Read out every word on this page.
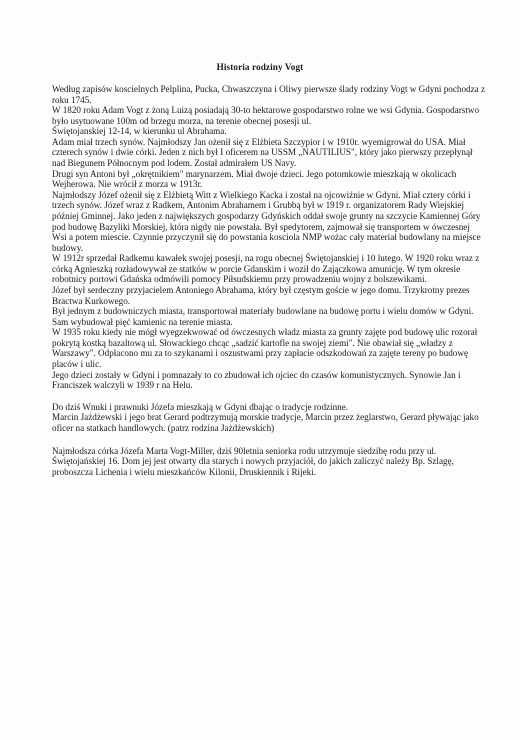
Historia rodziny Vogt

Według zapisów koscielnych Pelplina, Pucka, Chwaszczyna i Oliwy pierwsze ślady rodziny Vogt w Gdyni pochodza z roku 1745.

W 1820 roku Adam Vogt z żoną Luizą posiadają 30-to hektarowe gospodarstwo rolne we wsi Gdynia. Gospodarstwo było usytuowane 100m od brzegu morza, na terenie obecnej posesji ul.

Świętojanskiej 12-14, w kierunku ul Abrahama.

Adam miał trzech synów. Najmłodszy Jan ożenił się z Elżbieta Szczypior i w 1910r. wyemigrował do USA. Miał czterech synów i dwie córki. Jeden z nich był I oficerem na USSM „NAUTILIUS", który jako pierwszy przepłynął nad Biegunem Północnym pod lodem. Został admirałem US Navy.

Drugi syn Antoni był „okrętnikiem" marynarzem. Miał dwoje dzieci. Jego potomkowie mieszkają w okolicach Wejherowa. Nie wrócił z morza w 1913r.

Najmłodszy Józef ożenił się z Elżbietą Witt z Wielkiego Kacka i został na ojcowiźnie w Gdyni. Miał cztery córki i trzech synów. Józef wraz z Radkem, Antonim Abrahamem i Grubbą był w 1919 r. organizatorem Rady Wiejskiej później Gminnej. Jako jeden z największych gospodarzy Gdyńskich oddał swoje grunty na szczycie Kamiennej Góry pod budowę Bazyliki Morskiej, która nigdy nie powstała. Był spedytorem, zajmował się transportem w ówczesnej

Wsi a potem miescie. Czynnie przyczynił się do powstania kosciola NMP wożac cały materiał budowlany na miejsce budowy.

W 1912r sprzedał Radkemu kawałek swojej posesji, na rogu obecnej Świętojanskiej i 10 lutego. W 1920 roku wraz z córką Agnieszką rozładowywał ze statków w porcie Gdanskim i woził do Zajączkowa amunicję. W tym okresie robotnicy portowi Gdańska odmówili pomocy Piłsudskiemu przy prowadzeniu wojny z bolszewikami.

Józef był serdeczny przyjacielem Antoniego Abrahama, który był częstym goście w jego domu. Trzykrotny prezes Bractwa Kurkowego.

Był jednym z budowniczych miasta, transportował materiały budowlane na budowę portu i wielu domów w Gdyni. Sam wybudował pięć kamienic na terenie miasta.

W 1935 roku kiedy nie mógł wyegzekwować od ówczesnych władz miasta za grunty zajęte pod budowę ulic rozorał pokrytą kostką bazaltową ul. Słowackiego chcąc „sadzić kartofle na swojej ziemi". Nie obawiał się „władzy z Warszawy". Odpłacono mu za to szykanami i oszustwami przy zapłacie odszkodowań za zajęte tereny po budowę placów i ulic.

Jego dzieci zostały w Gdyni i pomnazały to co zbudował ich ojciec do czasów komunistycznych. Synowie Jan i Franciszek walczyli w 1939 r na Helu.

Do dziś Wnuki i prawnuki Józefa mieszkają w Gdyni dbając o tradycje rodzinne.

Marcin Jażdżewski i jego brat Gerard podtrzymują morskie tradycje, Marcin przez żeglarstwo, Gerard pływając jako oficer na statkach handlowych. (patrz rodzina Jażdżewskich)

Najmłodsza córka Józefa Marta Vogt-Miller, dziś 90letnia seniorka rodu utrzymuje siedzibę rodu przy ul. Świętojańskiej 16. Dom jej jest otwarty dla starych i nowych przyjaciół, do jakich zaliczyć należy Bp. Szlagę, proboszcza Lichenia i wielu mieszkańców Kilonii, Druskiennik i Rijeki.
